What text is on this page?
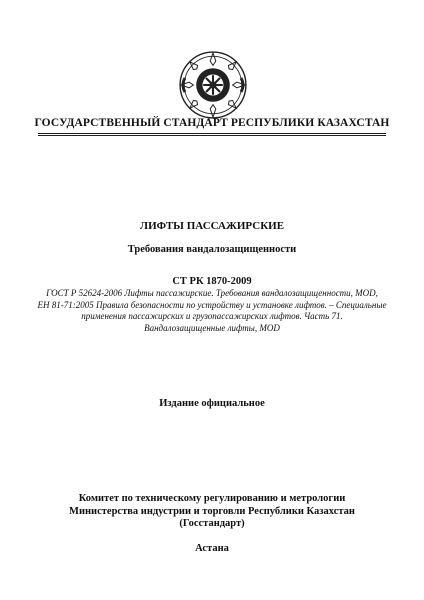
ГОСУДАРСТВЕННЫЙ СТАНДАРТ РЕСПУБЛИКИ КАЗАХСТАН
ЛИФТЫ ПАССАЖИРСКИЕ
Требования вандалозащищенности
СТ РК 1870-2009
ГОСТ Р 52624-2006 Лифты пассажирские. Требования вандалозащищенности, MOD,
ЕН 81-71:2005 Правила безопасности по устройству и установке лифтов. – Специальные
применения пассажирских и грузопассажирских лифтов. Часть 71.
Вандалозащищенные лифты, MOD
Издание официальное
Комитет по техническому регулированию и метрологии
Министерства индустрии и торговли Республики Казахстан
(Госстандарт)
Астана
